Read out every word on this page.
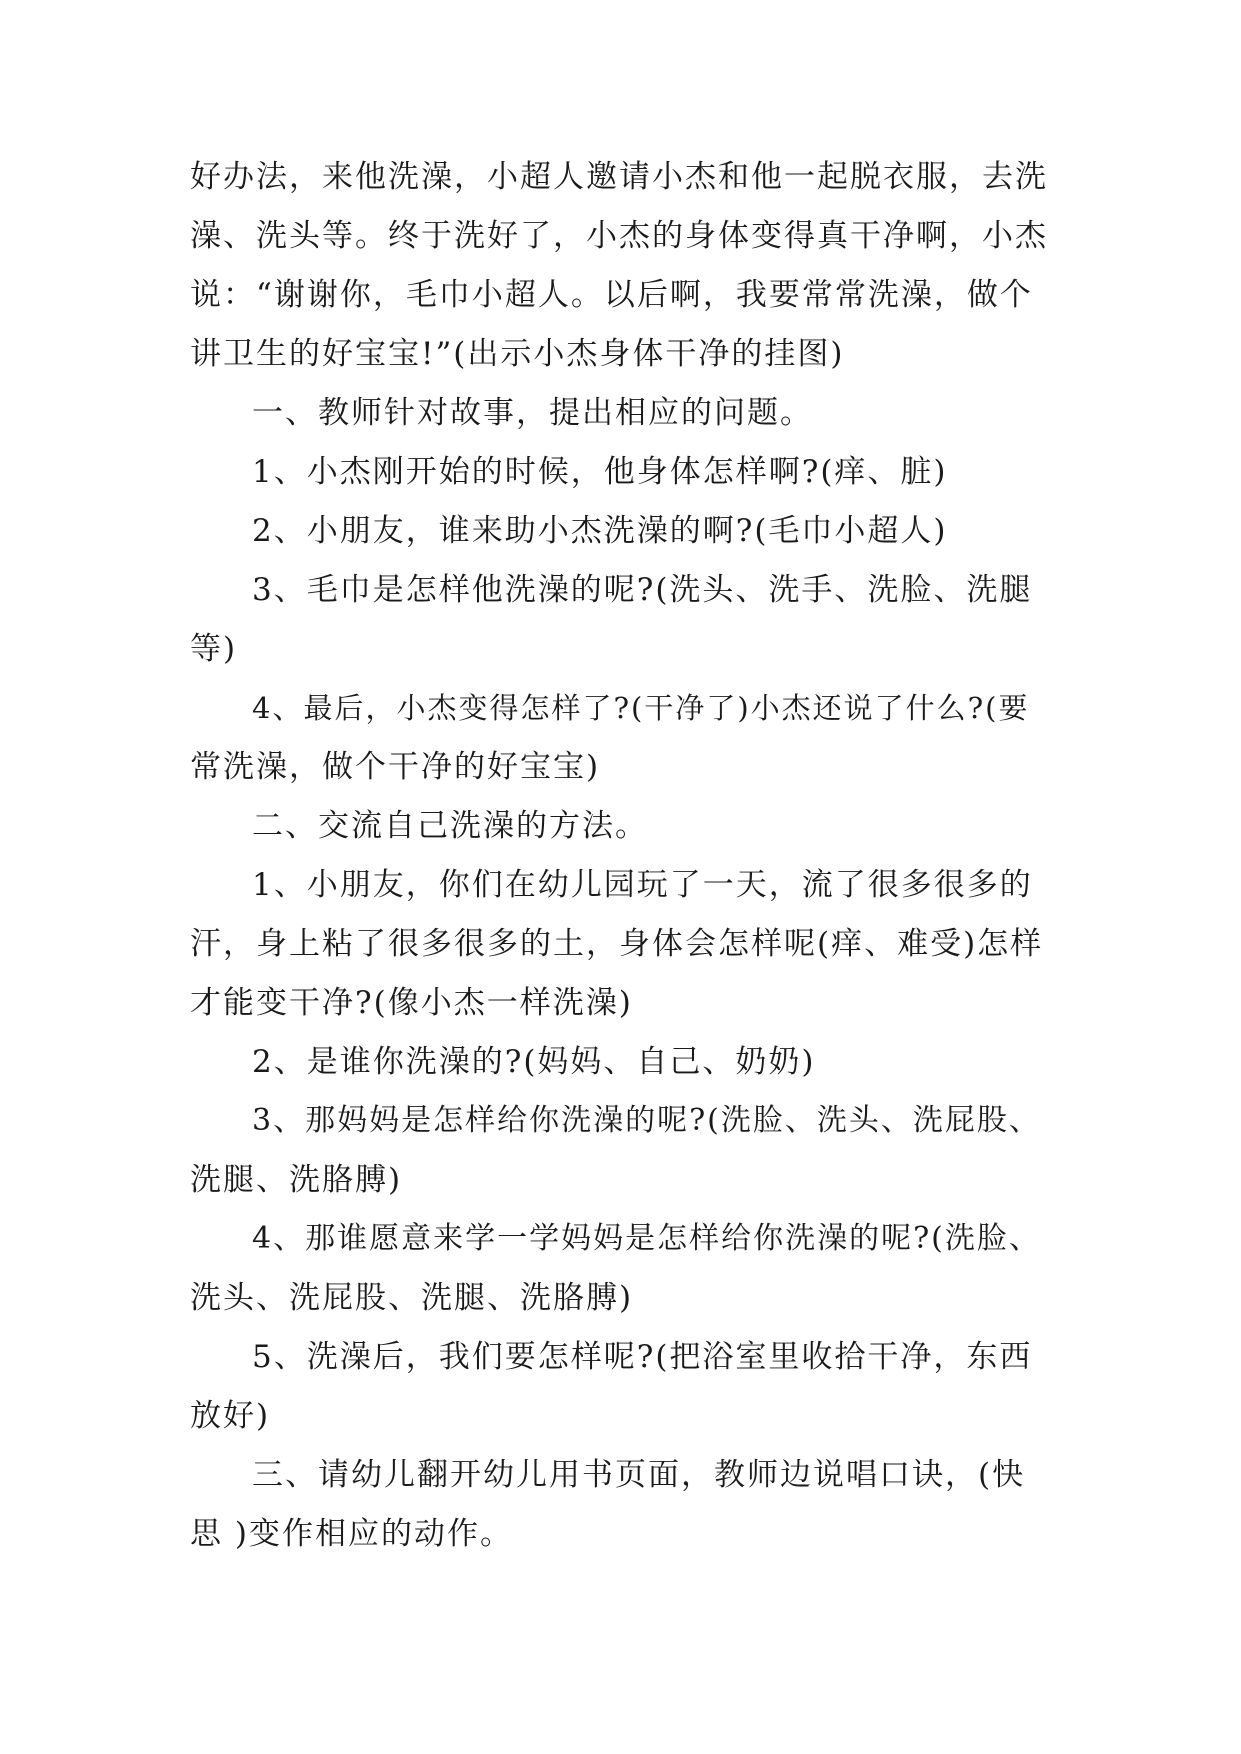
好办法，来他洗澡，小超人邀请小杰和他一起脱衣服，去洗
澡、洗头等。终于洗好了，小杰的身体变得真干净啊，小杰
说：“谢谢你，毛巾小超人。以后啊，我要常常洗澡，做个
讲卫生的好宝宝!”(出示小杰身体干净的挂图)
一、教师针对故事，提出相应的问题。
1、小杰刚开始的时候，他身体怎样啊?(痒、脏)
2、小朋友，谁来助小杰洗澡的啊?(毛巾小超人)
3、毛巾是怎样他洗澡的呢?(洗头、洗手、洗脸、洗腿
等)
4、最后，小杰变得怎样了?(干净了)小杰还说了什么?(要
常洗澡，做个干净的好宝宝)
二、交流自己洗澡的方法。
1、小朋友，你们在幼儿园玩了一天，流了很多很多的
汗，身上粘了很多很多的土，身体会怎样呢(痒、难受)怎样
才能变干净?(像小杰一样洗澡)
2、是谁你洗澡的?(妈妈、自己、奶奶)
3、那妈妈是怎样给你洗澡的呢?(洗脸、洗头、洗屁股、
洗腿、洗胳膊)
4、那谁愿意来学一学妈妈是怎样给你洗澡的呢?(洗脸、
洗头、洗屁股、洗腿、洗胳膊)
5、洗澡后，我们要怎样呢?(把浴室里收拾干净，东西
放好)
三、请幼儿翻开幼儿用书页面，教师边说唱口诀，(快
思 )变作相应的动作。
